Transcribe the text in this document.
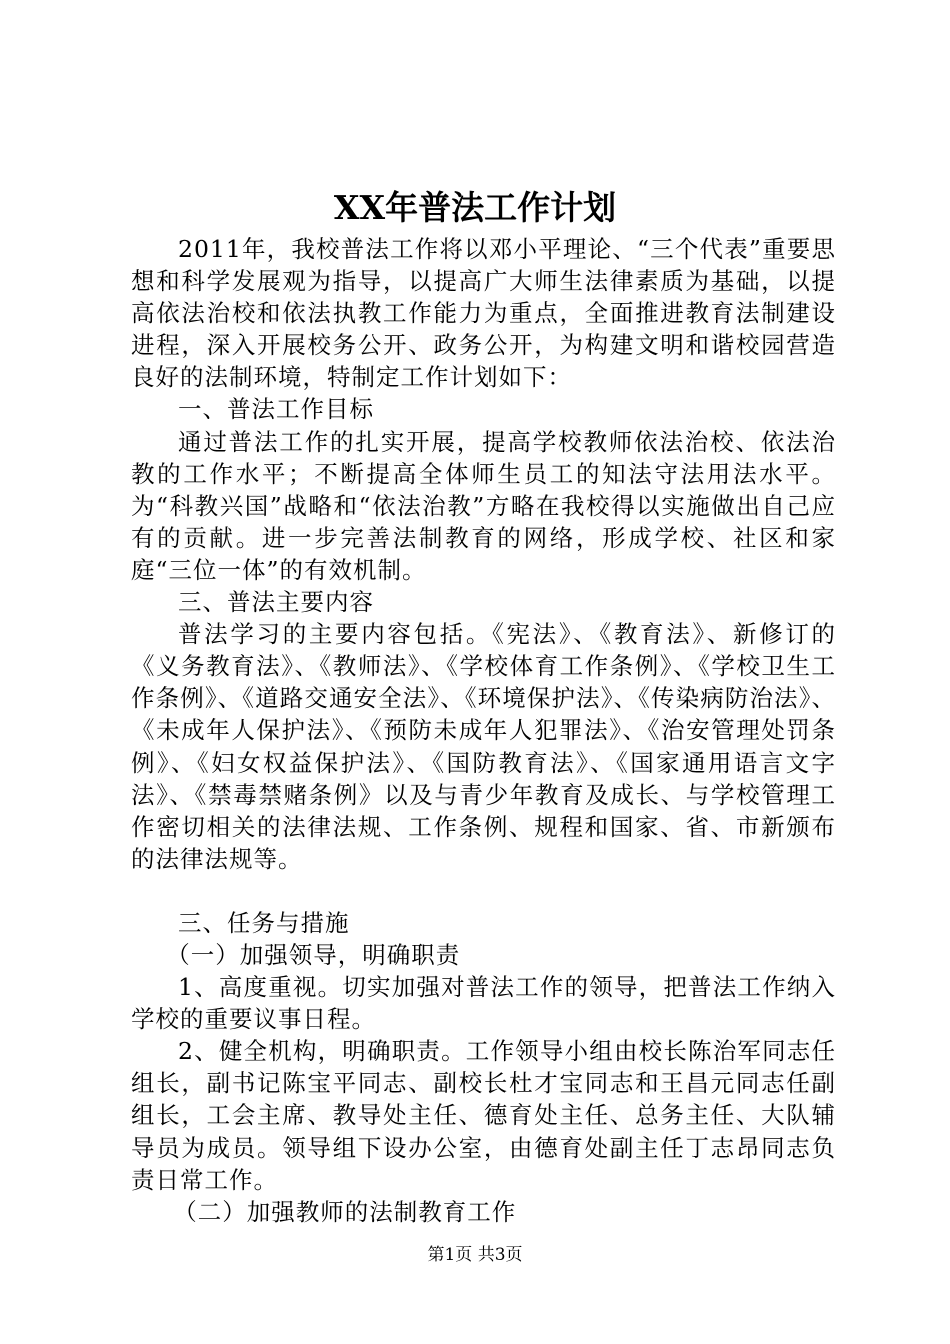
XX年普法工作计划

2011年，我校普法工作将以邓小平理论、“三个代表”重要思想和科学发展观为指导，以提高广大师生法律素质为基础，以提高依法治校和依法执教工作能力为重点，全面推进教育法制建设进程，深入开展校务公开、政务公开，为构建文明和谐校园营造良好的法制环境，特制定工作计划如下：

一、普法工作目标

通过普法工作的扎实开展，提高学校教师依法治校、依法治教的工作水平；不断提高全体师生员工的知法守法用法水平。为“科教兴国”战略和“依法治教”方略在我校得以实施做出自己应有的贡献。进一步完善法制教育的网络，形成学校、社区和家庭“三位一体”的有效机制。

三、普法主要内容

普法学习的主要内容包括。《宪法》、《教育法》、新修订的《义务教育法》、《教师法》、《学校体育工作条例》、《学校卫生工作条例》、《道路交通安全法》、《环境保护法》、《传染病防治法》、《未成年人保护法》、《预防未成年人犯罪法》、《治安管理处罚条例》、《妇女权益保护法》、《国防教育法》、《国家通用语言文字法》、《禁毒禁赌条例》以及与青少年教育及成长、与学校管理工作密切相关的法律法规、工作条例、规程和国家、省、市新颁布的法律法规等。

三、任务与措施

（一）加强领导，明确职责

1、高度重视。切实加强对普法工作的领导，把普法工作纳入学校的重要议事日程。

2、健全机构，明确职责。工作领导小组由校长陈治军同志任组长，副书记陈宝平同志、副校长杜才宝同志和王昌元同志任副组长，工会主席、教导处主任、德育处主任、总务主任、大队辅导员为成员。领导组下设办公室，由德育处副主任丁志昂同志负责日常工作。

（二）加强教师的法制教育工作

第1页 共3页
